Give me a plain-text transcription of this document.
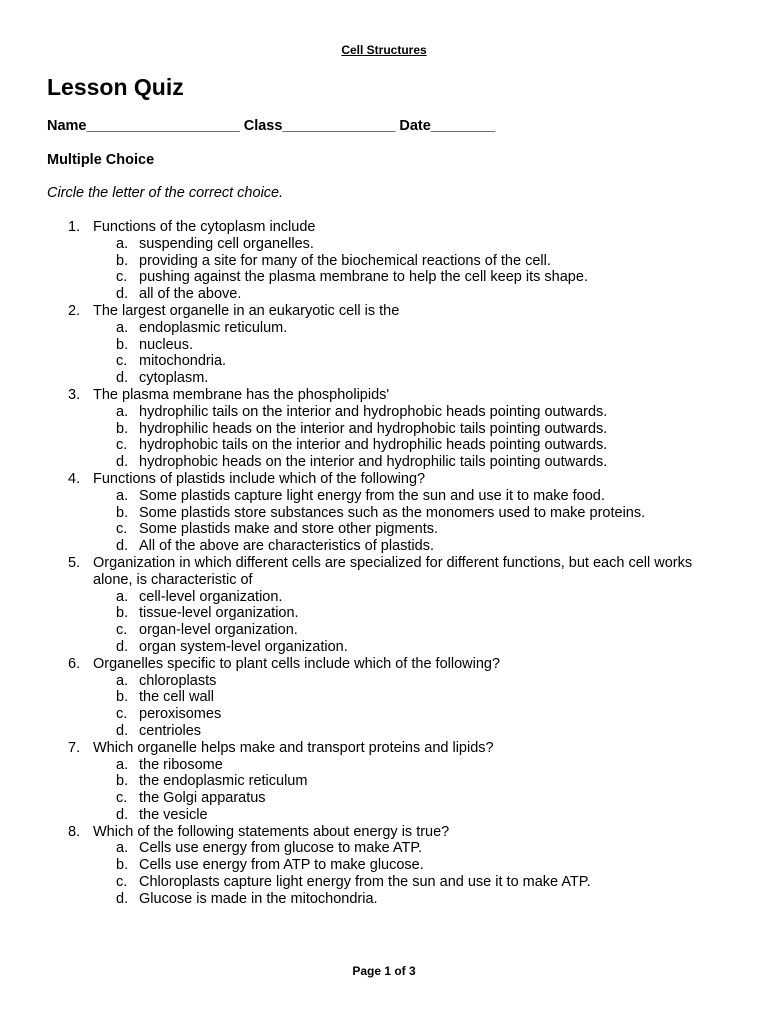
Cell Structures
Lesson Quiz
Name___________________ Class______________ Date________
Multiple Choice
Circle the letter of the correct choice.
1. Functions of the cytoplasm include
a. suspending cell organelles.
b. providing a site for many of the biochemical reactions of the cell.
c. pushing against the plasma membrane to help the cell keep its shape.
d. all of the above.
2. The largest organelle in an eukaryotic cell is the
a. endoplasmic reticulum.
b. nucleus.
c. mitochondria.
d. cytoplasm.
3. The plasma membrane has the phospholipids'
a. hydrophilic tails on the interior and hydrophobic heads pointing outwards.
b. hydrophilic heads on the interior and hydrophobic tails pointing outwards.
c. hydrophobic tails on the interior and hydrophilic heads pointing outwards.
d. hydrophobic heads on the interior and hydrophilic tails pointing outwards.
4. Functions of plastids include which of the following?
a. Some plastids capture light energy from the sun and use it to make food.
b. Some plastids store substances such as the monomers used to make proteins.
c. Some plastids make and store other pigments.
d. All of the above are characteristics of plastids.
5. Organization in which different cells are specialized for different functions, but each cell works alone, is characteristic of
a. cell-level organization.
b. tissue-level organization.
c. organ-level organization.
d. organ system-level organization.
6. Organelles specific to plant cells include which of the following?
a. chloroplasts
b. the cell wall
c. peroxisomes
d. centrioles
7. Which organelle helps make and transport proteins and lipids?
a. the ribosome
b. the endoplasmic reticulum
c. the Golgi apparatus
d. the vesicle
8. Which of the following statements about energy is true?
a. Cells use energy from glucose to make ATP.
b. Cells use energy from ATP to make glucose.
c. Chloroplasts capture light energy from the sun and use it to make ATP.
d. Glucose is made in the mitochondria.
Page 1 of 3
